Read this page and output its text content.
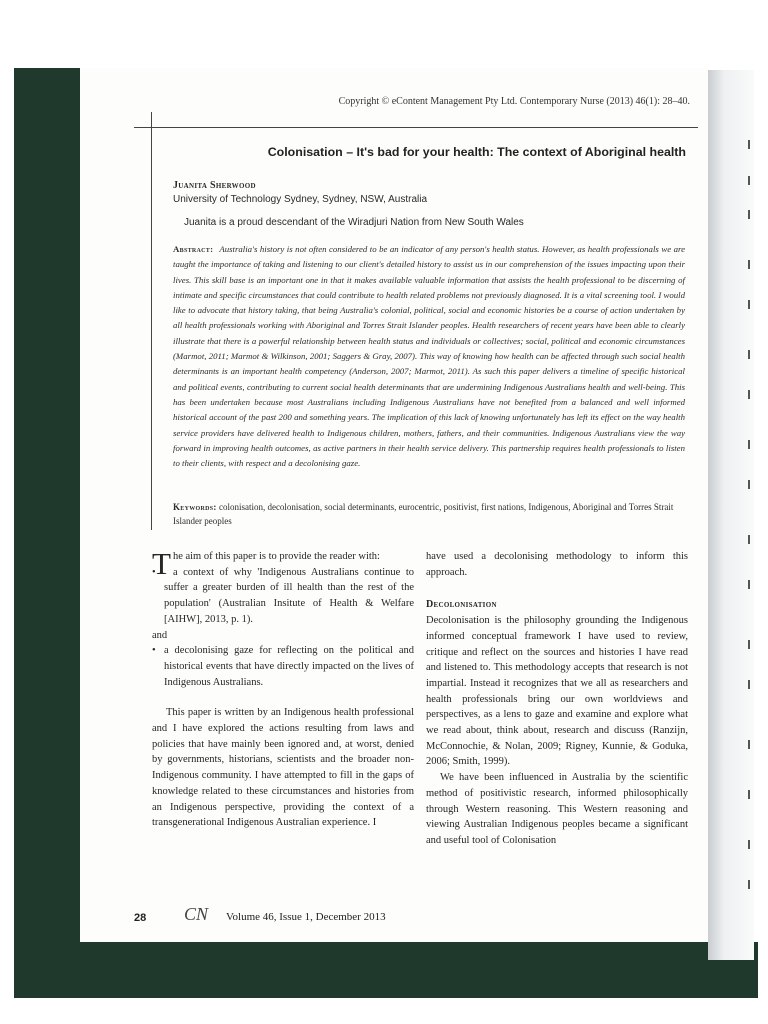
Copyright © eContent Management Pty Ltd. Contemporary Nurse (2013) 46(1): 28–40.
Colonisation – It's bad for your health: The context of Aboriginal health
Juanita Sherwood
University of Technology Sydney, Sydney, NSW, Australia
Juanita is a proud descendant of the Wiradjuri Nation from New South Wales
Abstract: Australia's history is not often considered to be an indicator of any person's health status. However, as health professionals we are taught the importance of taking and listening to our client's detailed history to assist us in our comprehension of the issues impacting upon their lives. This skill base is an important one in that it makes available valuable information that assists the health professional to be discerning of intimate and specific circumstances that could contribute to health related problems not previously diagnosed. It is a vital screening tool. I would like to advocate that history taking, that being Australia's colonial, political, social and economic histories be a course of action undertaken by all health professionals working with Aboriginal and Torres Strait Islander peoples. Health researchers of recent years have been able to clearly illustrate that there is a powerful relationship between health status and individuals or collectives; social, political and economic circumstances (Marmot, 2011; Marmot & Wilkinson, 2001; Saggers & Gray, 2007). This way of knowing how health can be affected through such social health determinants is an important health competency (Anderson, 2007; Marmot, 2011). As such this paper delivers a timeline of specific historical and political events, contributing to current social health determinants that are undermining Indigenous Australians health and well-being. This has been undertaken because most Australians including Indigenous Australians have not benefited from a balanced and well informed historical account of the past 200 and something years. The implication of this lack of knowing unfortunately has left its effect on the way health service providers have delivered health to Indigenous children, mothers, fathers, and their communities. Indigenous Australians view the way forward in improving health outcomes, as active partners in their health service delivery. This partnership requires health professionals to listen to their clients, with respect and a decolonising gaze.
Keywords: colonisation, decolonisation, social determinants, eurocentric, positivist, first nations, Indigenous, Aboriginal and Torres Strait Islander peoples

The aim of this paper is to provide the reader with:

• a context of why 'Indigenous Australians continue to suffer a greater burden of ill health than the rest of the population' (Australian Insitute of Health & Welfare [AIHW], 2013, p. 1).

and

• a decolonising gaze for reflecting on the political and historical events that have directly impacted on the lives of Indigenous Australians.

This paper is written by an Indigenous health professional and I have explored the actions resulting from laws and policies that have mainly been ignored and, at worst, denied by governments, historians, scientists and the broader non-Indigenous community. I have attempted to fill in the gaps of knowledge related to these circumstances and histories from an Indigenous perspective, providing the context of a transgenerational Indigenous Australian experience. I

have used a decolonising methodology to inform this approach.

Decolonisation

Decolonisation is the philosophy grounding the Indigenous informed conceptual framework I have used to review, critique and reflect on the sources and histories I have read and listened to. This methodology accepts that research is not impartial. Instead it recognizes that we all as researchers and health professionals bring our own worldviews and perspectives, as a lens to gaze and examine and explore what we read about, think about, research and discuss (Ranzijn, McConnochie, & Nolan, 2009; Rigney, Kunnie, & Goduka, 2006; Smith, 1999).

We have been influenced in Australia by the scientific method of positivistic research, informed philosophically through Western reasoning. This Western reasoning and viewing Australian Indigenous peoples became a significant and useful tool of Colonisation

28 CN Volume 46, Issue 1, December 2013
